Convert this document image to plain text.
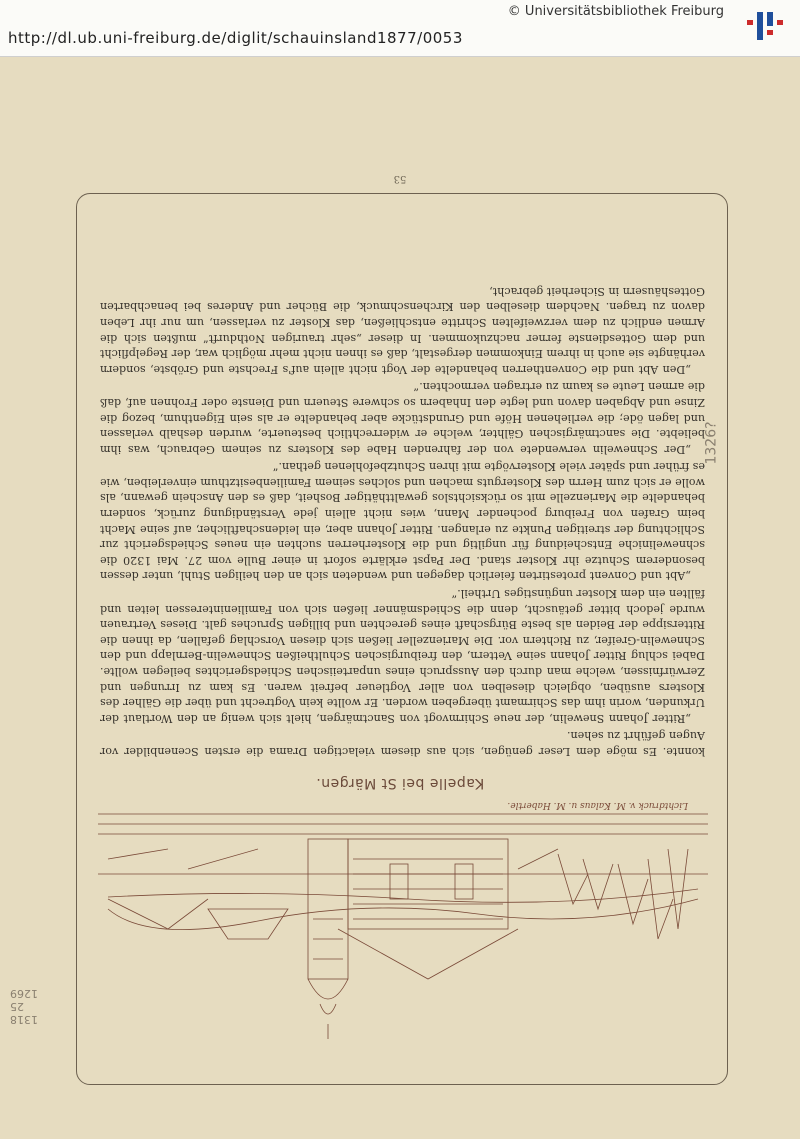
http://dl.ub.uni-freiburg.de/diglit/schauinsland1877/0053
© Universitätsbibliothek Freiburg
Lichtdruck v. M. Kalaus u. M. Habertle.
Kapelle bei St Märgen.

konnte. Es möge dem Leser genügen, sich aus diesem vielactigen Drama die ersten Scenenbilder vor Augen geführt zu sehen.

„Ritter Johann Snewelin, der neue Schirmvogt von Sanctmärgen, hielt sich wenig an den Wortlaut der Urkunden, worin ihm das Schirmamt übergeben worden. Er wollte kein Vogtrecht und über die Gälher des Klosters ausüben, obgleich dieselben von aller Vogtleuer befreit waren. Es kam zu Irrungen und Zerwürfnissen, welche man durch den Ausspruch eines unparteiischen Schiedsgerichtes beilegen wollte. Dabei schlug Ritter Johann seine Vettern, den freiburgischen Schultheißen Schnewelin-Bernlapp und den Schnewelin-Greifer, zu Richtern vor. Die Marienzeller ließen sich diesen Vorschlag gefallen, da ihnen die Rittersippe der Beiden als beste Bürgschaft eines gerechten und billigen Spruches galt. Dieses Vertrauen wurde jedoch bitter getäuscht, denn die Schiedsmänner ließen sich von Familieninteressen leiten und fällten ein dem Kloster ungünstiges Urtheil.“

„Abt und Convent protestirten feierlich dagegen und wendeten sich an den heiligen Stuhl, unter dessen besonderem Schutze ihr Kloster stand. Der Papst erklärte sofort in einer Bulle vom 27. Mai 1320 die schneweliniche Entscheidung für ungiltig und die Klosterherren suchten ein neues Schiedsgericht zur Schlichtung der streitigen Punkte zu erlangen. Ritter Johann aber, ein leidenschaftlicher, auf seine Macht beim Grafen von Freiburg pochender Mann, wies nicht allein jede Verständigung zurück, sondern behandelte die Marienzelle mit so rücksichtslos gewaltthätiger Bosheit, daß es den Anschein gewann, als wolle er sich zum Herrn des Klosterguts machen und solches seinem Familienbesitzthum einverleiben, wie es früher und später viele Klostervögte mit ihren Schutzbefohlenen gethan.“

„Der Schnewelin verwendete von der fahrenden Habe des Klosters zu seinem Gebrauch, was ihm beliebte. Die sanctmärgischen Gälhter, welche er widerrechtlich besteuerte, wurden deshalb verlassen und lagen öde; die verliehenen Höfe und Grundstücke aber behandelte er als sein Eigenthum, bezog die Zinse und Abgaben davon und legte den Inhabern so schwere Steuern und Dienste oder Frohnen auf, daß die armen Leute es kaum zu ertragen vermochten.“

„Den Abt und die Conventherren behandelte der Vogt nicht allein auf's Frechste und Gröbste, sondern verhängte sie auch in ihrem Einkommen dergestalt, daß es ihnen nicht mehr möglich war, der Regelpflicht und dem Gottesdienste ferner nachzukommen. In dieser „sehr traurigen Nothdurft“ mußten sich die Armen endlich zu dem verzweifelten Schritte entschließen, das Kloster zu verlassen, um nur ihr Leben davon zu tragen. Nachdem dieselben den Kirchenschmuck, die Bücher und Anderes bei benachbarten Gotteshäusern in Sicherheit gebracht,

53
1326?
1318
25
1269
